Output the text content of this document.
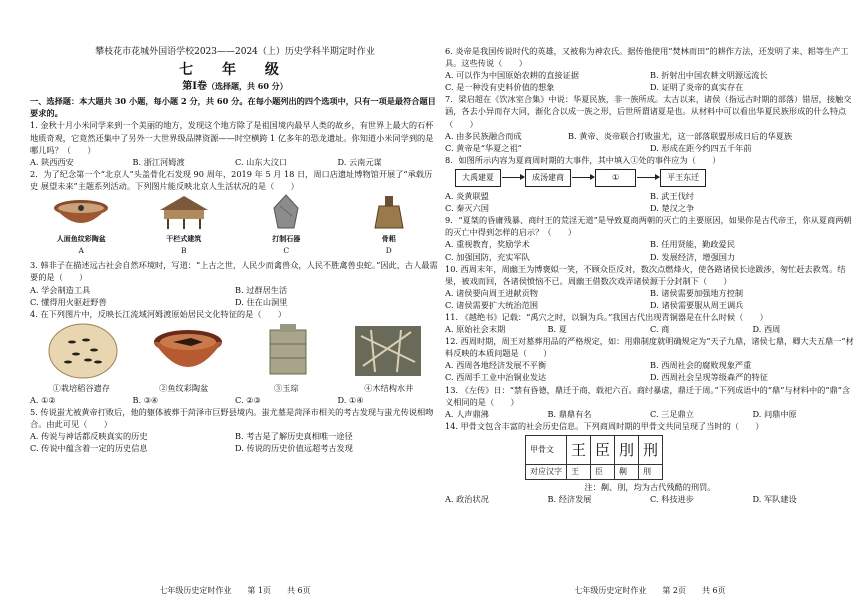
攀枝花市花城外国语学校2023——2024（上）历史学科半期定时作业
七 年 级
第Ⅰ卷（选择题，共 60 分）

一、选择题：本大题共 30 小题，每小题 2 分，共 60 分。在每小题列出的四个选项中，只有一项是最符合题目要求的。

1. 金秋十月小米同学来到一个美丽的地方，发现这个地方除了是祖国境内最早人类的故乡，有世界上最大的石杯地质奇观，它竟然还集中了另外一大世界级品牌资源——时空横跨 1 亿多年的恐龙遗址。你知道小米同学到的是哪儿吗？（　　）

A. 陕西西安	B. 浙江河姆渡	C. 山东大汶口	D. 云南元谋

2．为了纪念第一个“北京人”头盖骨化石发现 90 周年，2019 年 5 月 18 日，周口店遗址博物馆开展了“承载历史 展望未来”主题系列活动。下列图片能反映北京人生活状况的是（　　）

人面鱼纹彩陶盆
A
干栏式建筑
B
打制石器
C
骨耜
D

3. 韩非子在描述远古社会自然环境时，写道：“上古之世，人民少而禽兽众，人民不胜禽兽虫蛇。”因此，古人最需要的是（　　）

A. 学会制造工具	B. 过群居生活
C. 懂得用火驱赶野兽	D. 住在山洞里

4. 在下列图片中，反映长江流域河姆渡原始居民文化特征的是（　　）

①栽培稻谷遗存	②鱼纹彩陶盆	③玉琮	④木结构水井
A. ①②	B. ③④	C. ②③	D. ①④

5. 传说蚩尤被黄帝打败后，他的躯体被葬于菏泽市巨野县境内。蚩尤墓是菏泽市相关的考古发现与蚩尤传说相吻合。由此可见（　　）

A. 传说与神话都反映真实的历史	B. 考古是了解历史真相唯一途径
C. 传说中蕴含着一定的历史信息	D. 传说的历史价值远超考古发现
七年级历史定时作业　　第 1页　　共 6页

6. 炎帝是我国传说时代的英雄，又被称为神农氏。据传他使用“焚林而田”的耕作方法，还发明了来、耜等生产工具。这些传说（　　）

A. 可以作为中国原始农耕的直接证据	B. 折射出中国农耕文明源远流长
C. 是一种没有史料价值的想象	D. 证明了炎帝的真实存在

7．梁启超在《饮冰室合集》中说：华夏民族，非一族所成。太古以来，诸侯（指远古时期的部落）错居，接触交涵，各去小异而存大同，渐化合以成一族之形，后世所谓诸夏是也。从材料中可以看出华夏民族形成的什么特点（　　）

A. 由多民族融合而成	B. 黄帝、炎帝联合打败蚩尤，这一部落联盟形成日后的华夏族
C. 黄帝是“华夏之祖”	D. 形成在距今约四五千年前

8．如图所示内容为夏商周时期的大事件，其中填入①处的事件应为（　　）

大禹建夏	成汤建商	①	平王东迁
A. 炎黄联盟	B. 武王伐纣
C. 秦灭六国	D. 楚汉之争

9．“夏桀的昏庸残暴、商纣王的荒淫无道”是导致夏商两朝的灭亡的主要原因，如果你是古代帝王，你从夏商两朝的灭亡中得到怎样的启示？（　　）

A. 重视教育，奖励学术	B. 任用贤能，勤政爱民
C. 加强国防，充实军队	D. 发展经济，增强国力

10. 西周末年，周幽王为博褒姒一笑，不顾众臣反对，数次点燃烽火，使各路诸侯长途跋涉，匆忙赶去救驾。结果，被戏而回，各诸侯愤恼不已。周幽王借数次戏弄诸侯源于分封制下（　　）

A. 诸侯要向周王进献贡物	B. 诸侯需要加强地方控制
C. 诸侯需要扩大统治范围	D. 诸侯需要服从周王调兵

11. 《越绝书》记载：“禹穴之时，以铜为兵。”我国古代出现青铜器是在什么时候（　　）

A. 原始社会末期	B. 夏	C. 商	D. 西周

12. 西周时期，周王对墓葬用品的严格规定，如：用鼎制度就明确规定为“天子九鼎，诸侯七鼎，卿大夫五鼎一”材料反映的本质问题是（　　）

A. 西周各地经济发展不平衡	B. 西周社会的腐败现象严重
C. 西周手工业中治铜业发达	D. 西周社会呈现等级森严的特征

13. 《左传》日：“禁有昏德，鼎迁于商，载祀六百。商纣暴虐，鼎迁于周。”下列成语中的“鼎”与材料中的“鼎”含义相同的是（　　）

A. 人声鼎沸	B. 鼎鼎有名	C. 三足鼎立	D. 问鼎中原

14. 甲骨文包含丰富的社会历史信息。下列商周时期的甲骨文共同呈现了当时的（　　）

甲骨文	王	臣	刖	刑
对应汉字	王	臣	劓	刖

注：劓、刖，均为古代残酷的刑罚。

A. 政治状况	B. 经济发展	C. 科技进步	D. 军队建设
七年级历史定时作业　　第 2页　　共 6页
